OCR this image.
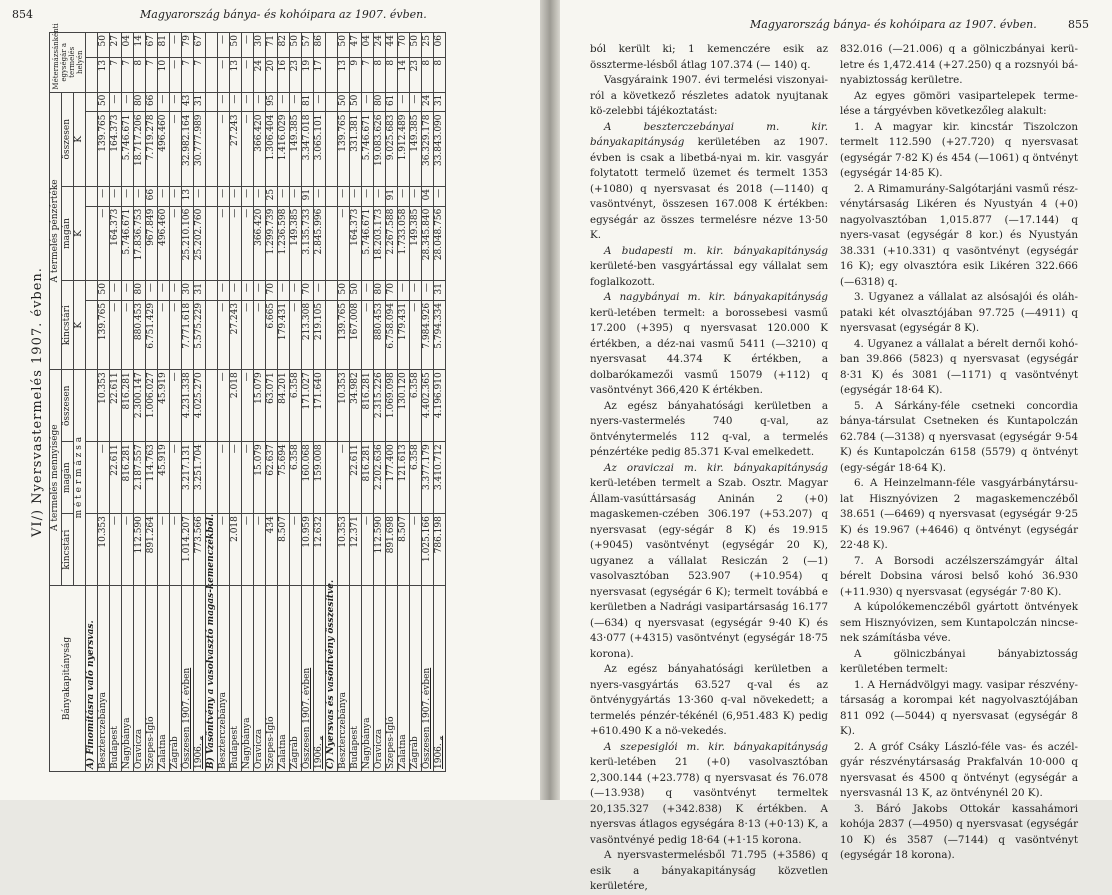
854	Magyarország bánya- és kohóipara az 1907. évben.
VI/) Nyersvastermelés 1907. évben.
Bányakapitányság	A termelés mennyisége			A termelés pénzértéke						Métermázsánkénti egységár a termelés helyén	
	kincstári	magán	összesen	kincstári		magán		összesen			
	m é t e r m á z s a			K		K		K			
A) Finomításra való nyersvas.											
Beszterczebánya	10.353	—	10.353	139.765	50	—	—	139.765	50	13	50
Budapest	—	22.611	22.611	—	—	164.373	—	164.373	—	7	27
Nagybánya	—	816.281	816.281	—	—	5.746.671	—	5.746.671	—	7	04
Oravicza	112.590	2.187.557	2.300.147	880.453	80	17.836.753	—	18.717.206	80	8	14
Szepes-Igló	891.264	114.763	1.006.027	6.751.429	—	967.849	66	7.719.278	66	7	67
Zalatna	—	45.919	45.919	—	—	496.460	—	496.460	—	10	81
Zágráb	—	—	—	—	—	—	—	—	—	—	—
Összesen 1907. évben	1.014.207	3.217.131	4.231.338	7.771.618	30	25.210.106	13	32.982.164	43	7	79
1906. „	773.566	3.251.704	4.025.270	5.575.229	31	25.202.760	—	30.777.989	31	7	67
B) Vasöntvény a vasolvasztó magas-kemenczékből.											
Beszterczebánya	—	—	—	—	—	—	—	—	—	—	—
Budapest	2.018	—	2.018	27.243	—	—	—	27.243	—	13	50
Nagybánya	—	—	—	—	—	—	—	—	—	—	—
Oravicza	—	15.079	15.079	—	—	366.420	—	366.420	—	24	30
Szepes-Igló	434	62.637	63.071	6.665	70	1.299.739	25	1.306.404	95	20	71
Zalatna	8.507	75.694	84.201	179.431	—	1.236.598	—	1.416.029	—	16	82
Zágráb	—	6.358	6.358	—	—	149.385	—	149.385	—	23	50
Összesen 1907. évben	10.959	160.068	171.027	213.308	70	3.135.733	91	3.347.018	81	19	57
1906. „	12.632	159.008	171.640	219.105	—	2.845.996	—	3.065.101	—	17	86
C) Nyersvas és vasöntvény összesítve.											
Beszterczebánya	10.353	—	10.353	139.765	50	—	—	139.765	50	13	50
Budapest	12.371	22.611	34.982	167.008	50	164.373	—	331.381	50	9	47
Nagybánya	—	816.281	816.281	—	—	5.746.671	—	5.746.671	—	7	04
Oravicza	112.590	2.202.636	2.315.226	880.453	80	18.203.173	—	19.083.626	80	8	24
Szepes-Igló	891.698	177.400	1.069.098	6.758.094	70	2.267.588	91	9.025.683	61	8	44
Zalatna	8.507	121.613	130.120	179.431	—	1.733.058	—	1.912.489	—	14	70
Zágráb	—	6.358	6.358	—	—	149.385	—	149.385	—	23	50
Összesen 1907. évben	1.025.166	3.377.179	4.402.365	7.984.926	—	28.345.840	04	36.329.178	24	8	25
1906. „	786.198	3.410.712	4.196.910	5.794.334	31	28.048.756	—	33.843.090	31	8	06
Magyarország bánya- és kohóipara az 1907. évben.	855

ból került ki; 1 kemenczére esik az összterme-lésből átlag 107.374 (— 140) q.

Vasgyáraink 1907. évi termelési viszonyai-ról a következő részletes adatok nyujtanak kö-zelebbi tájékoztatást:

A beszterczebányai m. kir. bányakapitányság kerületében az 1907. évben is csak a libetbá-nyai m. kir. vasgyár folytatott termelő üzemet és termelt 1353 (+1080) q nyersvasat és 2018 (—1140) q vasöntvényt, összesen 167.008 K értékben: egységár az összes termelésre nézve 13·50 K.

A budapesti m. kir. bányakapitányság kerületé-ben vasgyártással egy vállalat sem foglalkozott.

A nagybányai m. kir. bányakapitányság kerü-letében termelt: a borossebesi vasmű 17.200 (+395) q nyersvasat 120.000 K értékben, a déz-nai vasmű 5411 (—3210) q nyersvasat 44.374 K értékben, a dolbarókamezői vasmű 15079 (+112) q vasöntvényt 366,420 K értékben.

Az egész bányahatósági kerületben a nyers-vastermelés 740 q-val, az öntvénytermelés 112 q-val, a termelés pénzértéke pedig 85.371 K-val emelkedett.

Az oraviczai m. kir. bányakapitányság kerü-letében termelt a Szab. Osztr. Magyar Állam-vasúttársaság Aninán 2 (+0) magaskemen-czében 306.197 (+53.207) q nyersvasat (egy-ségár 8 K) és 19.915 (+9045) vasöntvényt (egységár 20 K), ugyanez a vállalat Resiczán 2 (—1) vasolvasztóban 523.907 (+10.954) q nyersvasat (egységár 6 K); termelt továbbá e kerületben a Nadrági vasipartársaság 16.177 (—634) q nyersvasat (egységár 9·40 K) és 43·077 (+4315) vasöntvényt (egységár 18·75 korona).

Az egész bányahatósági kerületben a nyers-vasgyártás 63.527 q-val és az öntvénygyártás 13·360 q-val növekedett; a termelés pénzér-tékénél (6,951.483 K) pedig +610.490 K a nö-vekedés.

A szepesiglói m. kir. bányakapitányság kerü-letében 21 (+0) vasolvasztóban 2,300.144 (+23.778) q nyersvasat és 76.078 (—13.938) q vasöntvényt termeltek 20,135.327 (+342.838) K értékben. A nyersvas átlagos egységára 8·13 (+0·13) K, a vasöntvényé pedig 18·64 (+1·15 korona.

A nyersvastermelésből 71.795 (+3586) q esik a bányakapitányság közvetlen kerületére,

832.016 (—21.006) q a gölniczbányai kerü-letre és 1,472.414 (+27.250) q a rozsnyói bá-nyabiztosság kerületre.

Az egyes gömöri vasipartelepek terme-lése a tárgyévben következőleg alakult:

1. A magyar kir. kincstár Tiszolczon termelt 112.590 (+27.720) q nyersvasat (egységár 7·82 K) és 454 (—1061) q öntvényt (egységár 14·85 K).

2. A Rimamurány-Salgótarjáni vasmű rész-vénytársaság Likéren és Nyustyán 4 (+0) nagyolvasztóban 1,015.877 (—17.144) q nyers-vasat (egységár 8 kor.) és Nyustyán 38.331 (+10.331) q vasöntvényt (egységár 16 K); egy olvasztóra esik Likéren 322.666 (—6318) q.

3. Ugyanez a vállalat az alsósajói és oláh-pataki két olvasztójában 97.725 (—4911) q nyersvasat (egységár 8 K).

4. Ugyanez a vállalat a bérelt dernői kohó-ban 39.866 (5823) q nyersvasat (egységár 8·31 K) és 3081 (—1171) q vasöntvényt (egységár 18·64 K).

5. A Sárkány-féle csetneki concordia bánya-társulat Csetneken és Kuntapolczán 62.784 (—3138) q nyersvasat (egységár 9·54 K) és Kuntapolczán 6158 (5579) q öntvényt (egy-ségár 18·64 K).

6. A Heinzelmann-féle vasgyárbánytársu-lat Hisznyóvizen 2 magaskemenczéből 38.651 (—6469) q nyersvasat (egységár 9·25 K) és 19.967 (+4646) q öntvényt (egységár 22·48 K).

7. A Borsodi aczélszerszámgyár által bérelt Dobsina városi belső kohó 36.930 (+11.930) q nyersvasat (egységár 7·80 K).

A kúpolókemenczéből gyártott öntvények sem Hisznyóvizen, sem Kuntapolczán nincse-nek számításba véve.

A gölniczbányai bányabiztosság kerületében termelt:

1. A Hernádvölgyi magy. vasipar részvény-társaság a korompai két nagyolvasztójában 811 092 (—5044) q nyersvasat (egységár 8 K).

2. A gróf Csáky László-féle vas- és aczél-gyár részvénytársaság Prakfalván 10·000 q nyersvasat és 4500 q öntvényt (egységár a nyersvasnál 13 K, az öntvénynél 20 K).

3. Báró Jakobs Ottokár kassahámori kohója 2837 (—4950) q nyersvasat (egységár 10 K) és 3587 (—7144) q vasöntvényt (egységár 18 korona).
